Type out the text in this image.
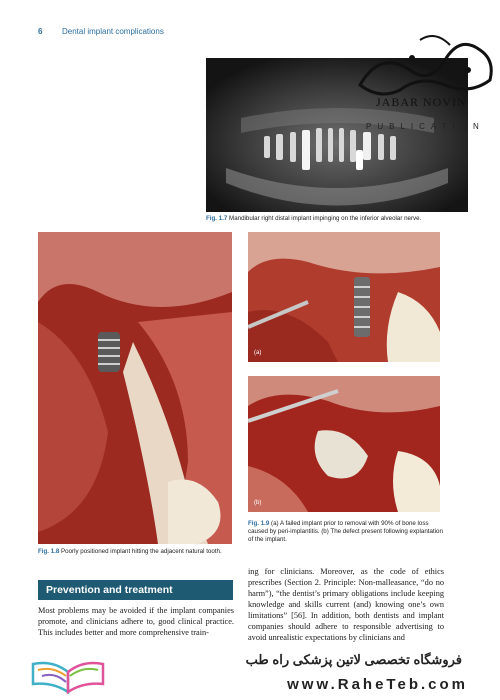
6 Dental implant complications
JABAR NOVIN
PUBLICATION
Fig. 1.7 Mandibular right distal implant impinging on the inferior alveolar nerve.
Fig. 1.8 Poorly positioned implant hitting the adjacent natural tooth.
(a)
(b)
Fig. 1.9 (a) A failed implant prior to removal with 90% of bone loss caused by peri-implantitis. (b) The defect present following explantation of the implant.
Prevention and treatment
Most problems may be avoided if the implant companies promote, and clinicians adhere to, good clinical practice. This includes better and more comprehensive train-
ing for clinicians. Moreover, as the code of ethics prescribes (Section 2. Principle: Non-malleasance, “do no harm”), “the dentist’s primary obligations include keeping knowledge and skills current (and) knowing one’s own limitations” [56]. In addition, both dentists and implant companies should adhere to responsible advertising to avoid unrealistic expectations by clinicians and
فروشگاه تخصصی لاتین پزشکی راه طب
www.RaheTeb.com
